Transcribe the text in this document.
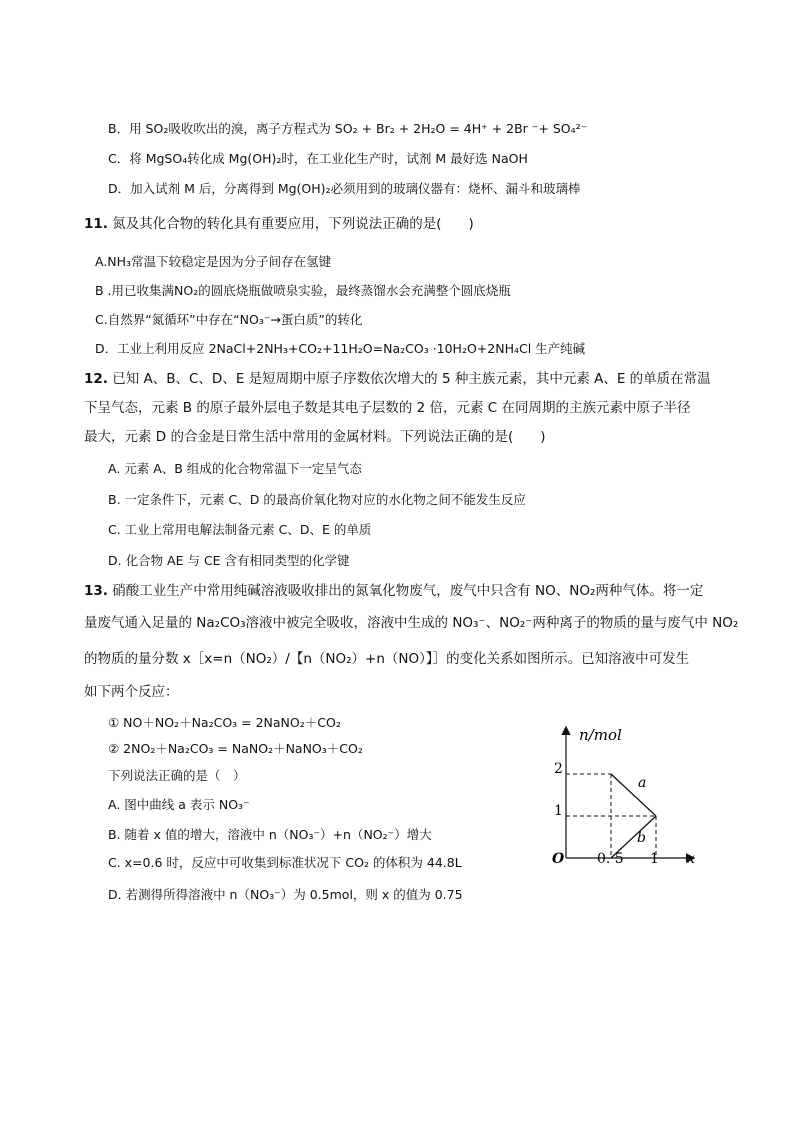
B．用 SO₂吸收吹出的溴，离子方程式为 SO₂ + Br₂ + 2H₂O = 4H⁺ + 2Br ⁻+ SO₄²⁻
C．将 MgSO₄转化成 Mg(OH)₂时，在工业化生产时，试剂 M 最好选 NaOH
D．加入试剂 M 后，分离得到 Mg(OH)₂必须用到的玻璃仪器有：烧杯、漏斗和玻璃棒
11. 氮及其化合物的转化具有重要应用，下列说法正确的是(　　)
A.NH₃常温下较稳定是因为分子间存在氢键
B .用已收集满NO₂的圆底烧瓶做喷泉实验，最终蒸馏水会充满整个圆底烧瓶
C.自然界“氮循环”中存在“NO₃⁻→蛋白质”的转化
D．工业上利用反应 2NaCl+2NH₃+CO₂+11H₂O=Na₂CO₃ ·10H₂O+2NH₄Cl 生产纯碱
12. 已知 A、B、C、D、E 是短周期中原子序数依次增大的 5 种主族元素，其中元素 A、E 的单质在常温
下呈气态，元素 B 的原子最外层电子数是其电子层数的 2 倍，元素 C 在同周期的主族元素中原子半径
最大，元素 D 的合金是日常生活中常用的金属材料。下列说法正确的是(　　)
A. 元素 A、B 组成的化合物常温下一定呈气态
B. 一定条件下，元素 C、D 的最高价氧化物对应的水化物之间不能发生反应
C. 工业上常用电解法制备元素 C、D、E 的单质
D. 化合物 AE 与 CE 含有相同类型的化学键
13. 硝酸工业生产中常用纯碱溶液吸收排出的氮氧化物废气，废气中只含有 NO、NO₂两种气体。将一定
量废气通入足量的 Na₂CO₃溶液中被完全吸收，溶液中生成的 NO₃⁻、NO₂⁻两种离子的物质的量与废气中 NO₂
的物质的量分数 x［x=n（NO₂）/【n（NO₂）+n（NO）】］的变化关系如图所示。已知溶液中可发生
如下两个反应：
① NO＋NO₂＋Na₂CO₃ = 2NaNO₂＋CO₂
② 2NO₂＋Na₂CO₃ = NaNO₂＋NaNO₃＋CO₂
下列说法正确的是（　）
A. 图中曲线 a 表示 NO₃⁻
B. 随着 x 值的增大，溶液中 n（NO₃⁻）+n（NO₂⁻）增大
C. x=0.6 时，反应中可收集到标准状况下 CO₂ 的体积为 44.8L
D. 若测得所得溶液中 n（NO₃⁻）为 0.5mol，则 x 的值为 0.75
n/mol
x
O
2
1
0. 5 1
a
b
